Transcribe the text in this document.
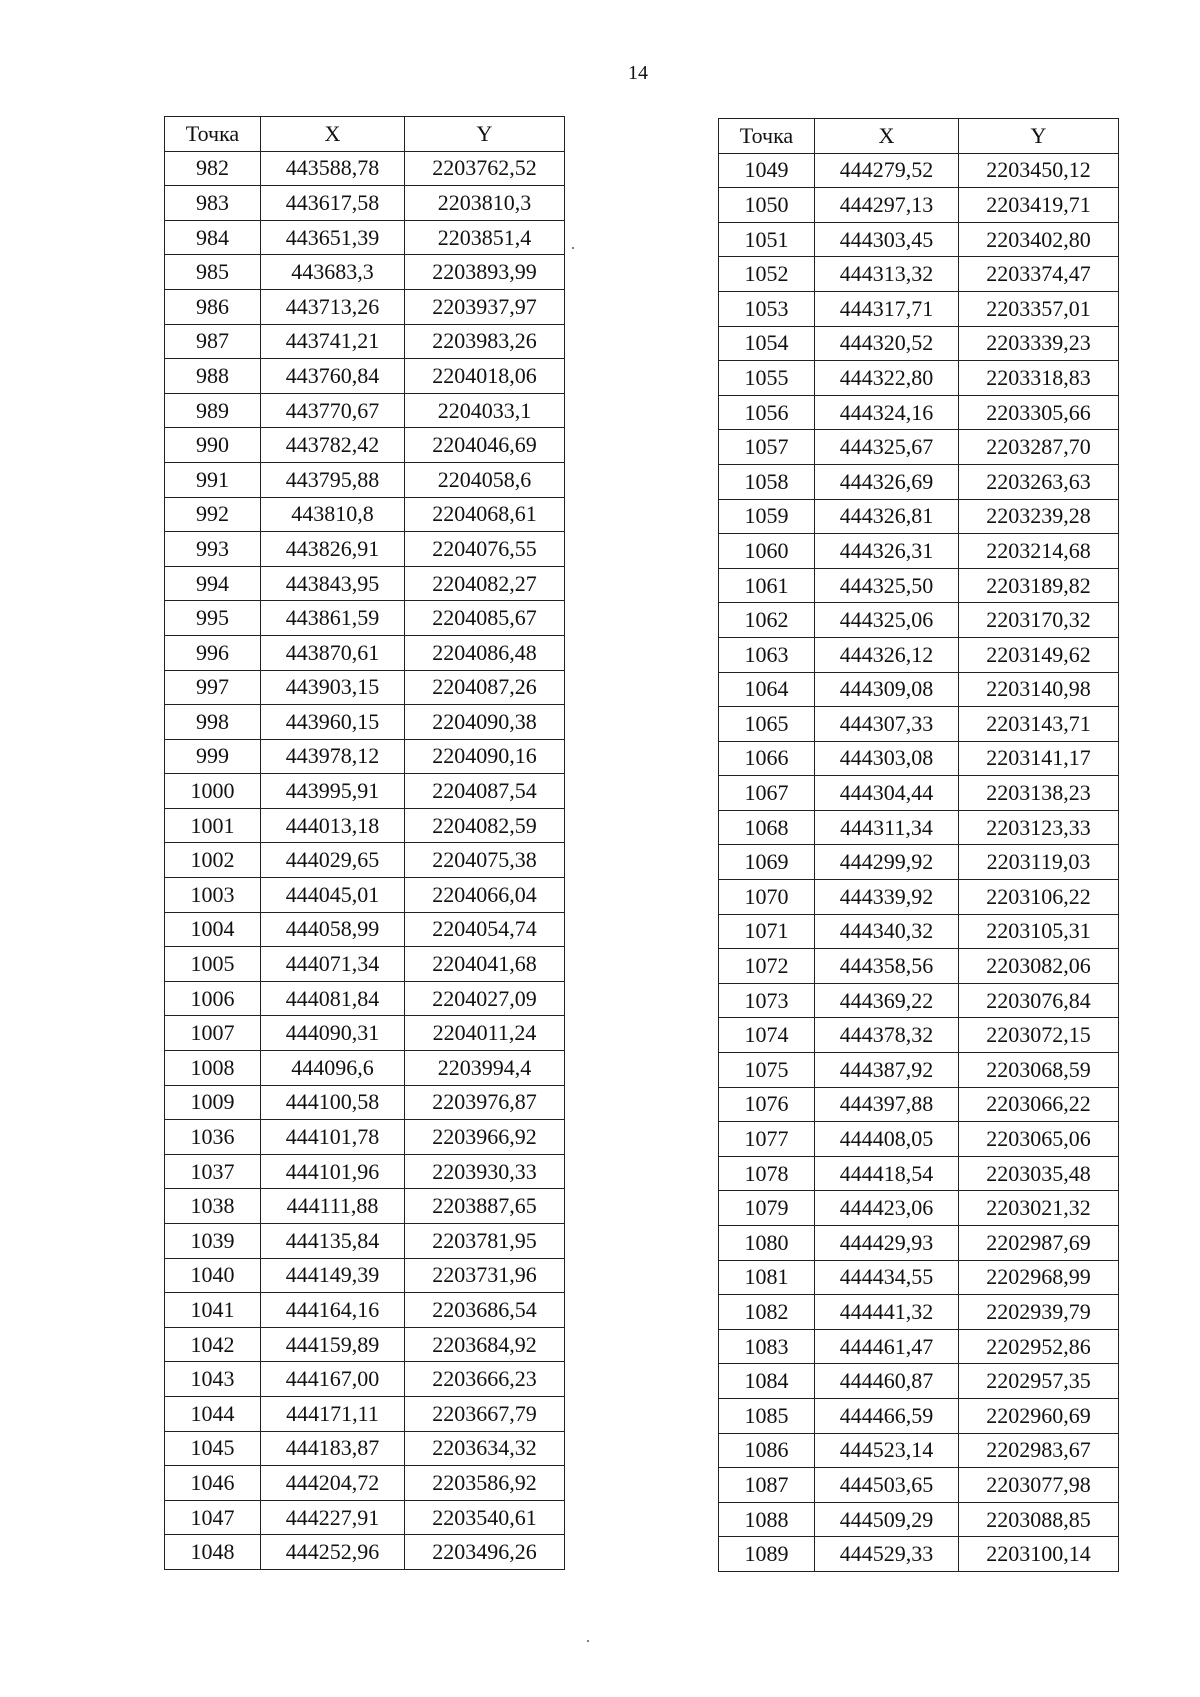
14
Точка	X	Y
982	443588,78	2203762,52
983	443617,58	2203810,3
984	443651,39	2203851,4
985	443683,3	2203893,99
986	443713,26	2203937,97
987	443741,21	2203983,26
988	443760,84	2204018,06
989	443770,67	2204033,1
990	443782,42	2204046,69
991	443795,88	2204058,6
992	443810,8	2204068,61
993	443826,91	2204076,55
994	443843,95	2204082,27
995	443861,59	2204085,67
996	443870,61	2204086,48
997	443903,15	2204087,26
998	443960,15	2204090,38
999	443978,12	2204090,16
1000	443995,91	2204087,54
1001	444013,18	2204082,59
1002	444029,65	2204075,38
1003	444045,01	2204066,04
1004	444058,99	2204054,74
1005	444071,34	2204041,68
1006	444081,84	2204027,09
1007	444090,31	2204011,24
1008	444096,6	2203994,4
1009	444100,58	2203976,87
1036	444101,78	2203966,92
1037	444101,96	2203930,33
1038	444111,88	2203887,65
1039	444135,84	2203781,95
1040	444149,39	2203731,96
1041	444164,16	2203686,54
1042	444159,89	2203684,92
1043	444167,00	2203666,23
1044	444171,11	2203667,79
1045	444183,87	2203634,32
1046	444204,72	2203586,92
1047	444227,91	2203540,61
1048	444252,96	2203496,26
Точка	X	Y
1049	444279,52	2203450,12
1050	444297,13	2203419,71
1051	444303,45	2203402,80
1052	444313,32	2203374,47
1053	444317,71	2203357,01
1054	444320,52	2203339,23
1055	444322,80	2203318,83
1056	444324,16	2203305,66
1057	444325,67	2203287,70
1058	444326,69	2203263,63
1059	444326,81	2203239,28
1060	444326,31	2203214,68
1061	444325,50	2203189,82
1062	444325,06	2203170,32
1063	444326,12	2203149,62
1064	444309,08	2203140,98
1065	444307,33	2203143,71
1066	444303,08	2203141,17
1067	444304,44	2203138,23
1068	444311,34	2203123,33
1069	444299,92	2203119,03
1070	444339,92	2203106,22
1071	444340,32	2203105,31
1072	444358,56	2203082,06
1073	444369,22	2203076,84
1074	444378,32	2203072,15
1075	444387,92	2203068,59
1076	444397,88	2203066,22
1077	444408,05	2203065,06
1078	444418,54	2203035,48
1079	444423,06	2203021,32
1080	444429,93	2202987,69
1081	444434,55	2202968,99
1082	444441,32	2202939,79
1083	444461,47	2202952,86
1084	444460,87	2202957,35
1085	444466,59	2202960,69
1086	444523,14	2202983,67
1087	444503,65	2203077,98
1088	444509,29	2203088,85
1089	444529,33	2203100,14
